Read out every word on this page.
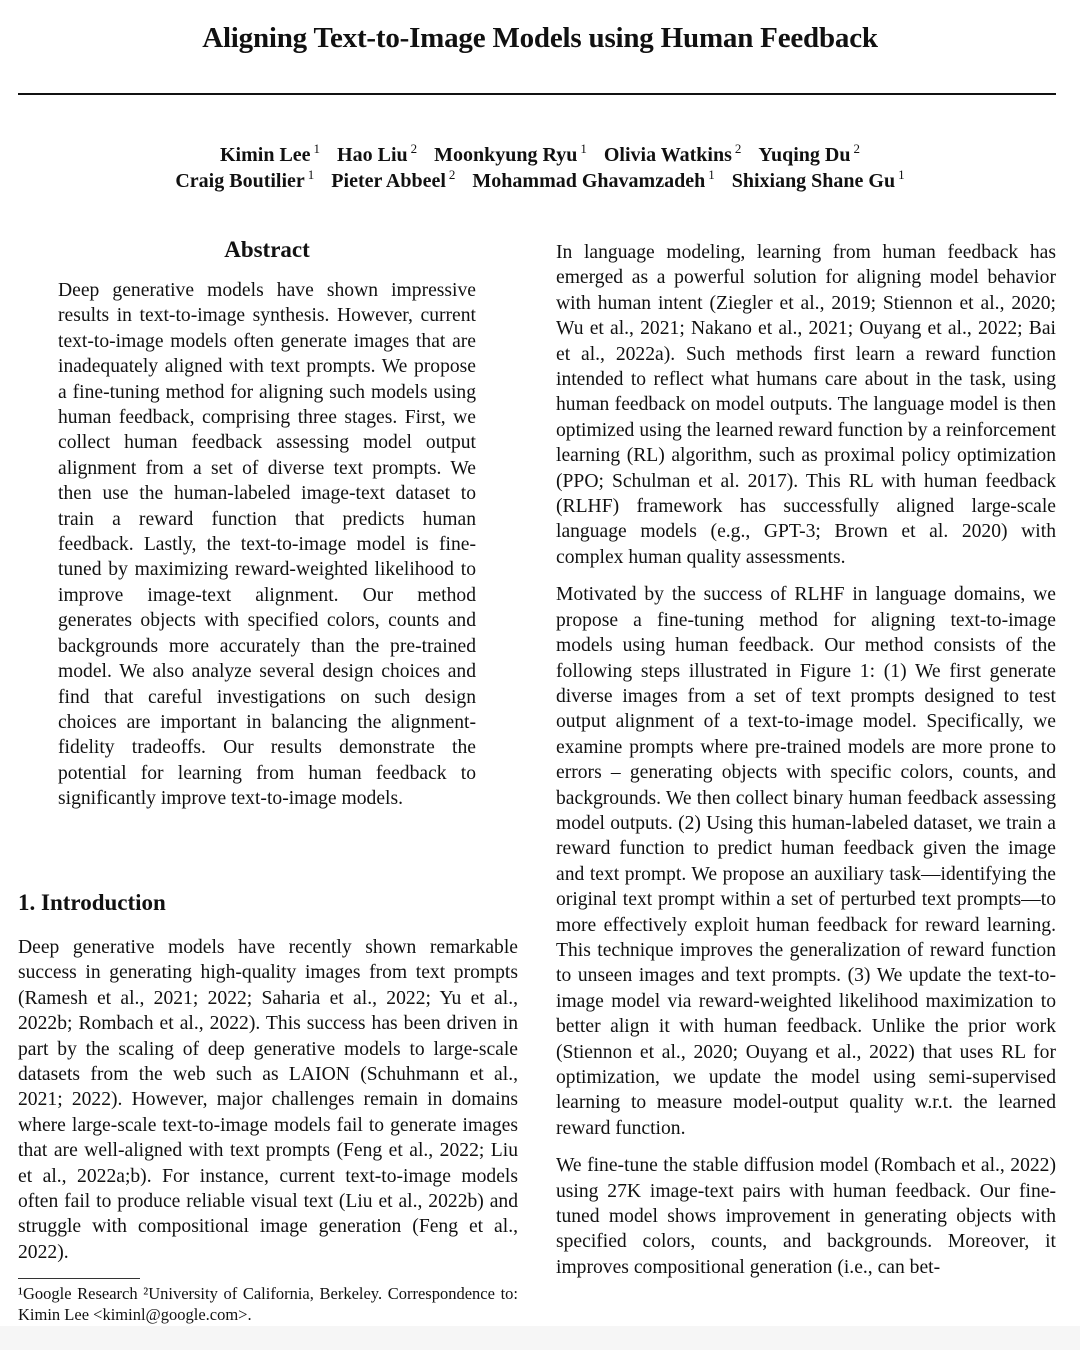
Aligning Text-to-Image Models using Human Feedback
Kimin Lee $^1$ Hao Liu $^2$ Moonkyung Ryu $^1$ Olivia Watkins $^2$ Yuqing Du $^2$
Craig Boutilier $^1$ Pieter Abbeel $^2$ Mohammad Ghavamzadeh $^1$ Shixiang Shane Gu $^1$
Abstract

Deep generative models have shown impressive results in text-to-image synthesis. However, current text-to-image models often generate images that are inadequately aligned with text prompts. We propose a fine-tuning method for aligning such models using human feedback, comprising three stages. First, we collect human feedback assessing model output alignment from a set of diverse text prompts. We then use the human-labeled image-text dataset to train a reward function that predicts human feedback. Lastly, the text-to-image model is fine-tuned by maximizing reward-weighted likelihood to improve image-text alignment. Our method generates objects with specified colors, counts and backgrounds more accurately than the pre-trained model. We also analyze several design choices and find that careful investigations on such design choices are important in balancing the alignment-fidelity tradeoffs. Our results demonstrate the potential for learning from human feedback to significantly improve text-to-image models.

1. Introduction

Deep generative models have recently shown remarkable success in generating high-quality images from text prompts (Ramesh et al., 2021; 2022; Saharia et al., 2022; Yu et al., 2022b; Rombach et al., 2022). This success has been driven in part by the scaling of deep generative models to large-scale datasets from the web such as LAION (Schuhmann et al., 2021; 2022). However, major challenges remain in domains where large-scale text-to-image models fail to generate images that are well-aligned with text prompts (Feng et al., 2022; Liu et al., 2022a;b). For instance, current text-to-image models often fail to produce reliable visual text (Liu et al., 2022b) and struggle with compositional image generation (Feng et al., 2022).

¹Google Research ²University of California, Berkeley. Correspondence to: Kimin Lee <kiminl@google.com>.

In language modeling, learning from human feedback has emerged as a powerful solution for aligning model behavior with human intent (Ziegler et al., 2019; Stiennon et al., 2020; Wu et al., 2021; Nakano et al., 2021; Ouyang et al., 2022; Bai et al., 2022a). Such methods first learn a reward function intended to reflect what humans care about in the task, using human feedback on model outputs. The language model is then optimized using the learned reward function by a reinforcement learning (RL) algorithm, such as proximal policy optimization (PPO; Schulman et al. 2017). This RL with human feedback (RLHF) framework has successfully aligned large-scale language models (e.g., GPT-3; Brown et al. 2020) with complex human quality assessments.

Motivated by the success of RLHF in language domains, we propose a fine-tuning method for aligning text-to-image models using human feedback. Our method consists of the following steps illustrated in Figure 1: (1) We first generate diverse images from a set of text prompts designed to test output alignment of a text-to-image model. Specifically, we examine prompts where pre-trained models are more prone to errors – generating objects with specific colors, counts, and backgrounds. We then collect binary human feedback assessing model outputs. (2) Using this human-labeled dataset, we train a reward function to predict human feedback given the image and text prompt. We propose an auxiliary task—identifying the original text prompt within a set of perturbed text prompts—to more effectively exploit human feedback for reward learning. This technique improves the generalization of reward function to unseen images and text prompts. (3) We update the text-to-image model via reward-weighted likelihood maximization to better align it with human feedback. Unlike the prior work (Stiennon et al., 2020; Ouyang et al., 2022) that uses RL for optimization, we update the model using semi-supervised learning to measure model-output quality w.r.t. the learned reward function.

We fine-tune the stable diffusion model (Rombach et al., 2022) using 27K image-text pairs with human feedback. Our fine-tuned model shows improvement in generating objects with specified colors, counts, and backgrounds. Moreover, it improves compositional generation (i.e., can bet-
